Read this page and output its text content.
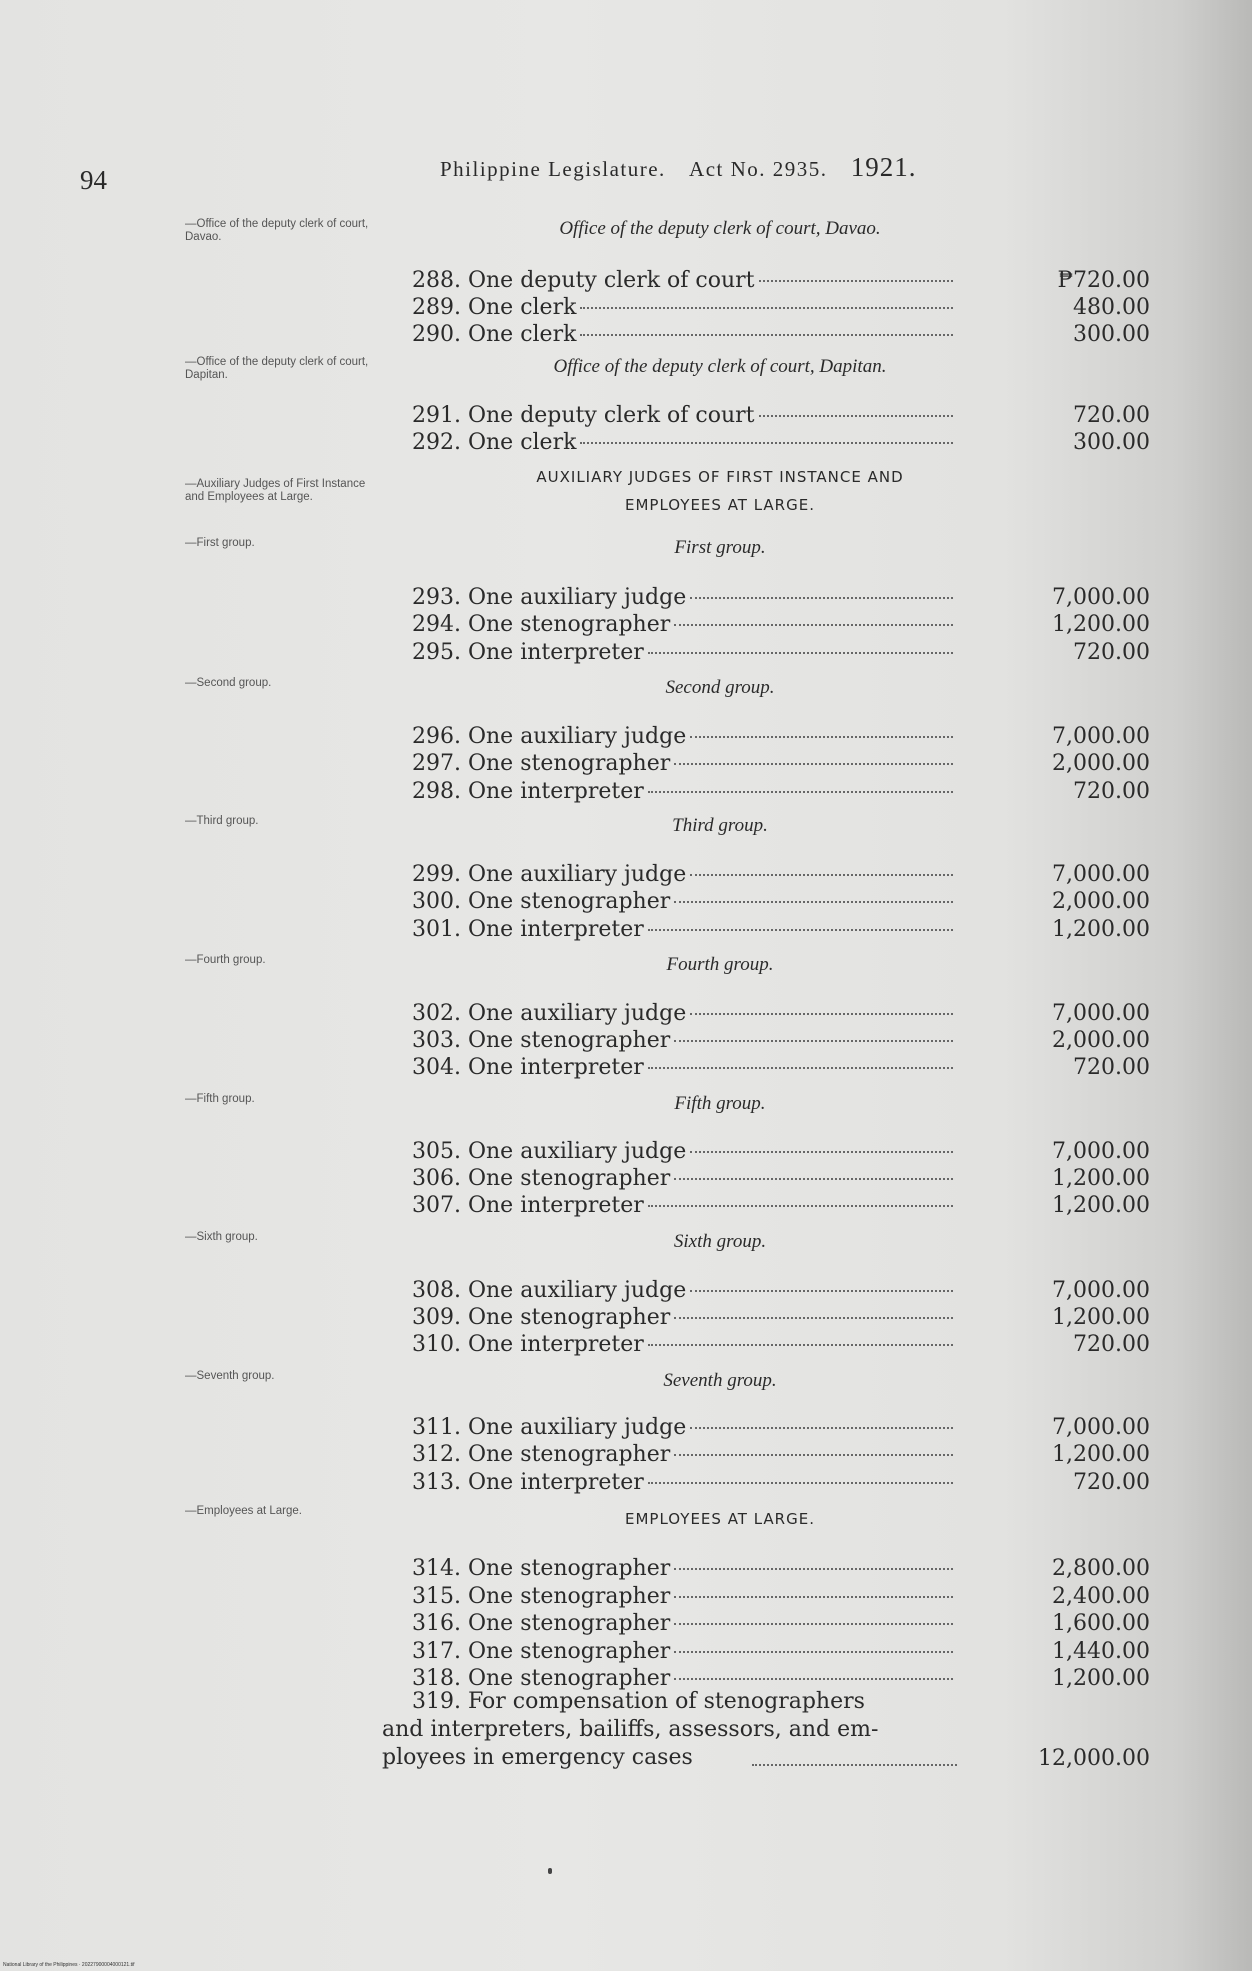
94	Philippine Legislature. Act No. 2935. 1921.
—Office of the deputy clerk of court, Davao.	Office of the deputy clerk of court, Davao.
288. One deputy clerk of court	₱720.00
289. One clerk	480.00
290. One clerk	300.00
—Office of the deputy clerk of court, Dapitan.	Office of the deputy clerk of court, Dapitan.
291. One deputy clerk of court	720.00
292. One clerk	300.00
—First group.	First group.
293. One auxiliary judge	7,000.00
294. One stenographer	1,200.00
295. One interpreter	720.00
—Second group.	Second group.
296. One auxiliary judge	7,000.00
297. One stenographer	2,000.00
298. One interpreter	720.00
—Third group.	Third group.
299. One auxiliary judge	7,000.00
300. One stenographer	2,000.00
301. One interpreter	1,200.00
—Fourth group.	Fourth group.
302. One auxiliary judge	7,000.00
303. One stenographer	2,000.00
304. One interpreter	720.00
—Fifth group.	Fifth group.
305. One auxiliary judge	7,000.00
306. One stenographer	1,200.00
307. One interpreter	1,200.00
—Sixth group.	Sixth group.
308. One auxiliary judge	7,000.00
309. One stenographer	1,200.00
310. One interpreter	720.00
—Seventh group.	Seventh group.
311. One auxiliary judge	7,000.00
312. One stenographer	1,200.00
313. One interpreter	720.00
—Employees at Large.	EMPLOYEES AT LARGE.
314. One stenographer	2,800.00
315. One stenographer	2,400.00
316. One stenographer	1,600.00
317. One stenographer	1,440.00
318. One stenographer	1,200.00
—Auxiliary Judges of First Instance and Employees at Large.
AUXILIARY JUDGES OF FIRST INSTANCE AND
EMPLOYEES AT LARGE.
319. For compensation of stenographers
and interpreters, bailiffs, assessors, and em-
ployees in emergency cases	12,000.00
National Library of the Philippines · 20227900004000121.tif
